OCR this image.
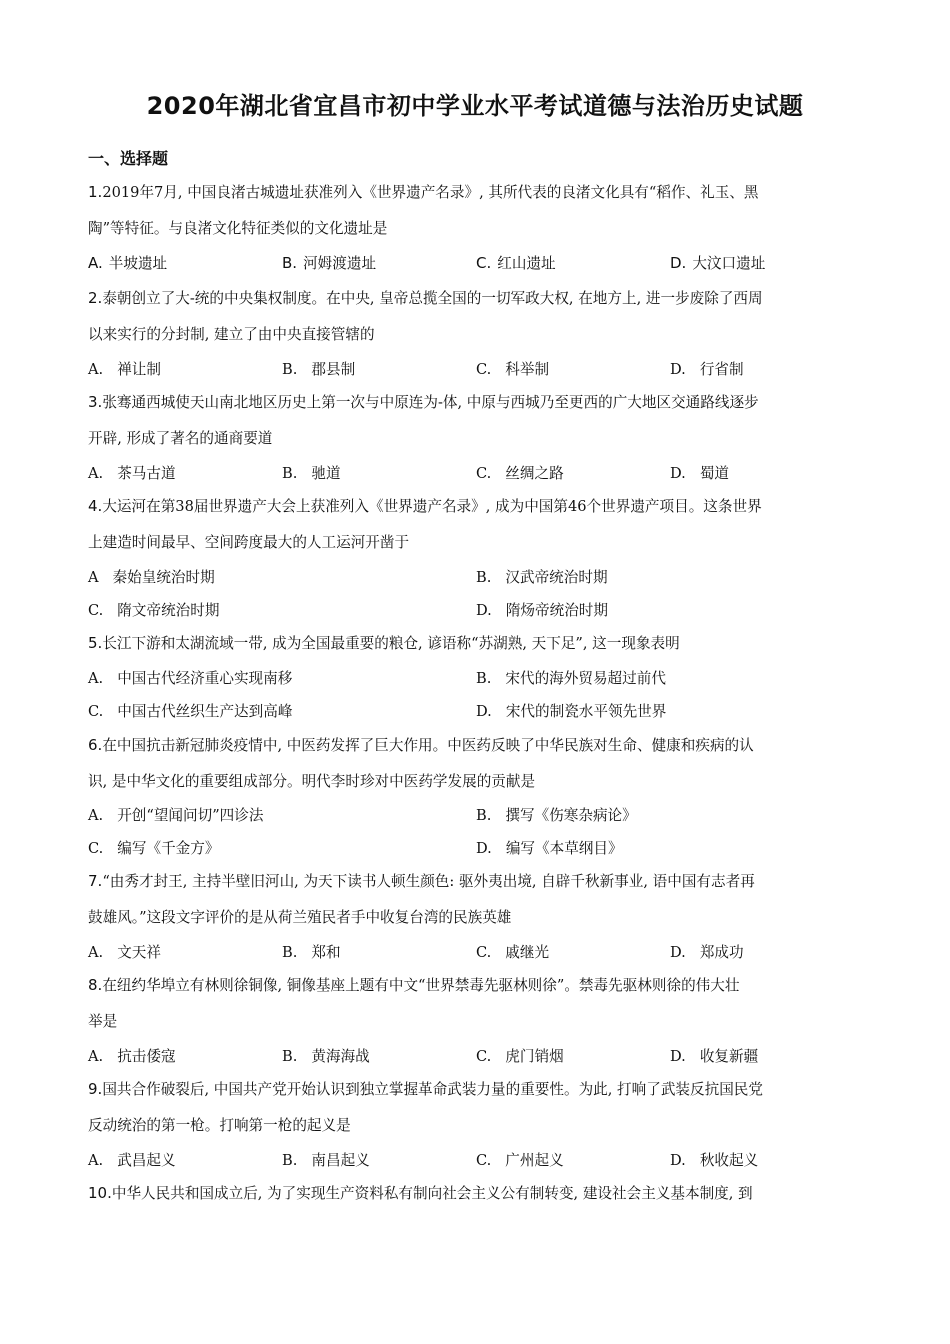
2020年湖北省宜昌市初中学业水平考试道德与法治历史试题
一、选择题
1.2019年7月, 中国良渚古城遗址获准列入《世界遗产名录》, 其所代表的良渚文化具有“稻作、礼玉、黑
陶”等特征。与良渚文化特征类似的文化遗址是
A. 半坡遗址	B. 河姆渡遗址	C. 红山遗址	D. 大汶口遗址
2.泰朝创立了大-统的中央集权制度。在中央, 皇帝总揽全国的一切军政大权, 在地方上, 进一步废除了西周
以来实行的分封制, 建立了由中央直接管辖的
A. 禅让制	B. 郡县制	C. 科举制	D. 行省制
3.张骞通西城使天山南北地区历史上第一次与中原连为-体, 中原与西城乃至更西的广大地区交通路线逐步
开辟, 形成了著名的通商要道
A. 茶马古道	B. 驰道	C. 丝绸之路	D. 蜀道
4.大运河在第38届世界遗产大会上获准列入《世界遗产名录》, 成为中国第46个世界遗产项目。这条世界
上建造时间最早、空间跨度最大的人工运河开凿于
A 秦始皇统治时期	B. 汉武帝统治时期
C. 隋文帝统治时期	D. 隋炀帝统治时期
5.长江下游和太湖流域一带, 成为全国最重要的粮仓, 谚语称“苏湖熟, 天下足”, 这一现象表明
A. 中国古代经济重心实现南移	B. 宋代的海外贸易超过前代
C. 中国古代丝织生产达到高峰	D. 宋代的制瓷水平领先世界
6.在中国抗击新冠肺炎疫情中, 中医药发挥了巨大作用。中医药反映了中华民族对生命、健康和疾病的认
识, 是中华文化的重要组成部分。明代李时珍对中医药学发展的贡献是
A. 开创“望闻问切”四诊法	B. 撰写《伤寒杂病论》
C. 编写《千金方》	D. 编写《本草纲目》
7.“由秀才封王, 主持半壁旧河山, 为天下读书人顿生颜色: 驱外夷出境, 自辟千秋新事业, 语中国有志者再
鼓雄风。”这段文字评价的是从荷兰殖民者手中收复台湾的民族英雄
A. 文天祥	B. 郑和	C. 戚继光	D. 郑成功
8.在纽约华埠立有林则徐铜像, 铜像基座上题有中文“世界禁毒先驱林则徐”。禁毒先驱林则徐的伟大壮
举是
A. 抗击倭寇	B. 黄海海战	C. 虎门销烟	D. 收复新疆
9.国共合作破裂后, 中国共产党开始认识到独立掌握革命武装力量的重要性。为此, 打响了武装反抗国民党
反动统治的第一枪。打响第一枪的起义是
A. 武昌起义	B. 南昌起义	C. 广州起义	D. 秋收起义
10.中华人民共和国成立后, 为了实现生产资料私有制向社会主义公有制转变, 建设社会主义基本制度, 到
